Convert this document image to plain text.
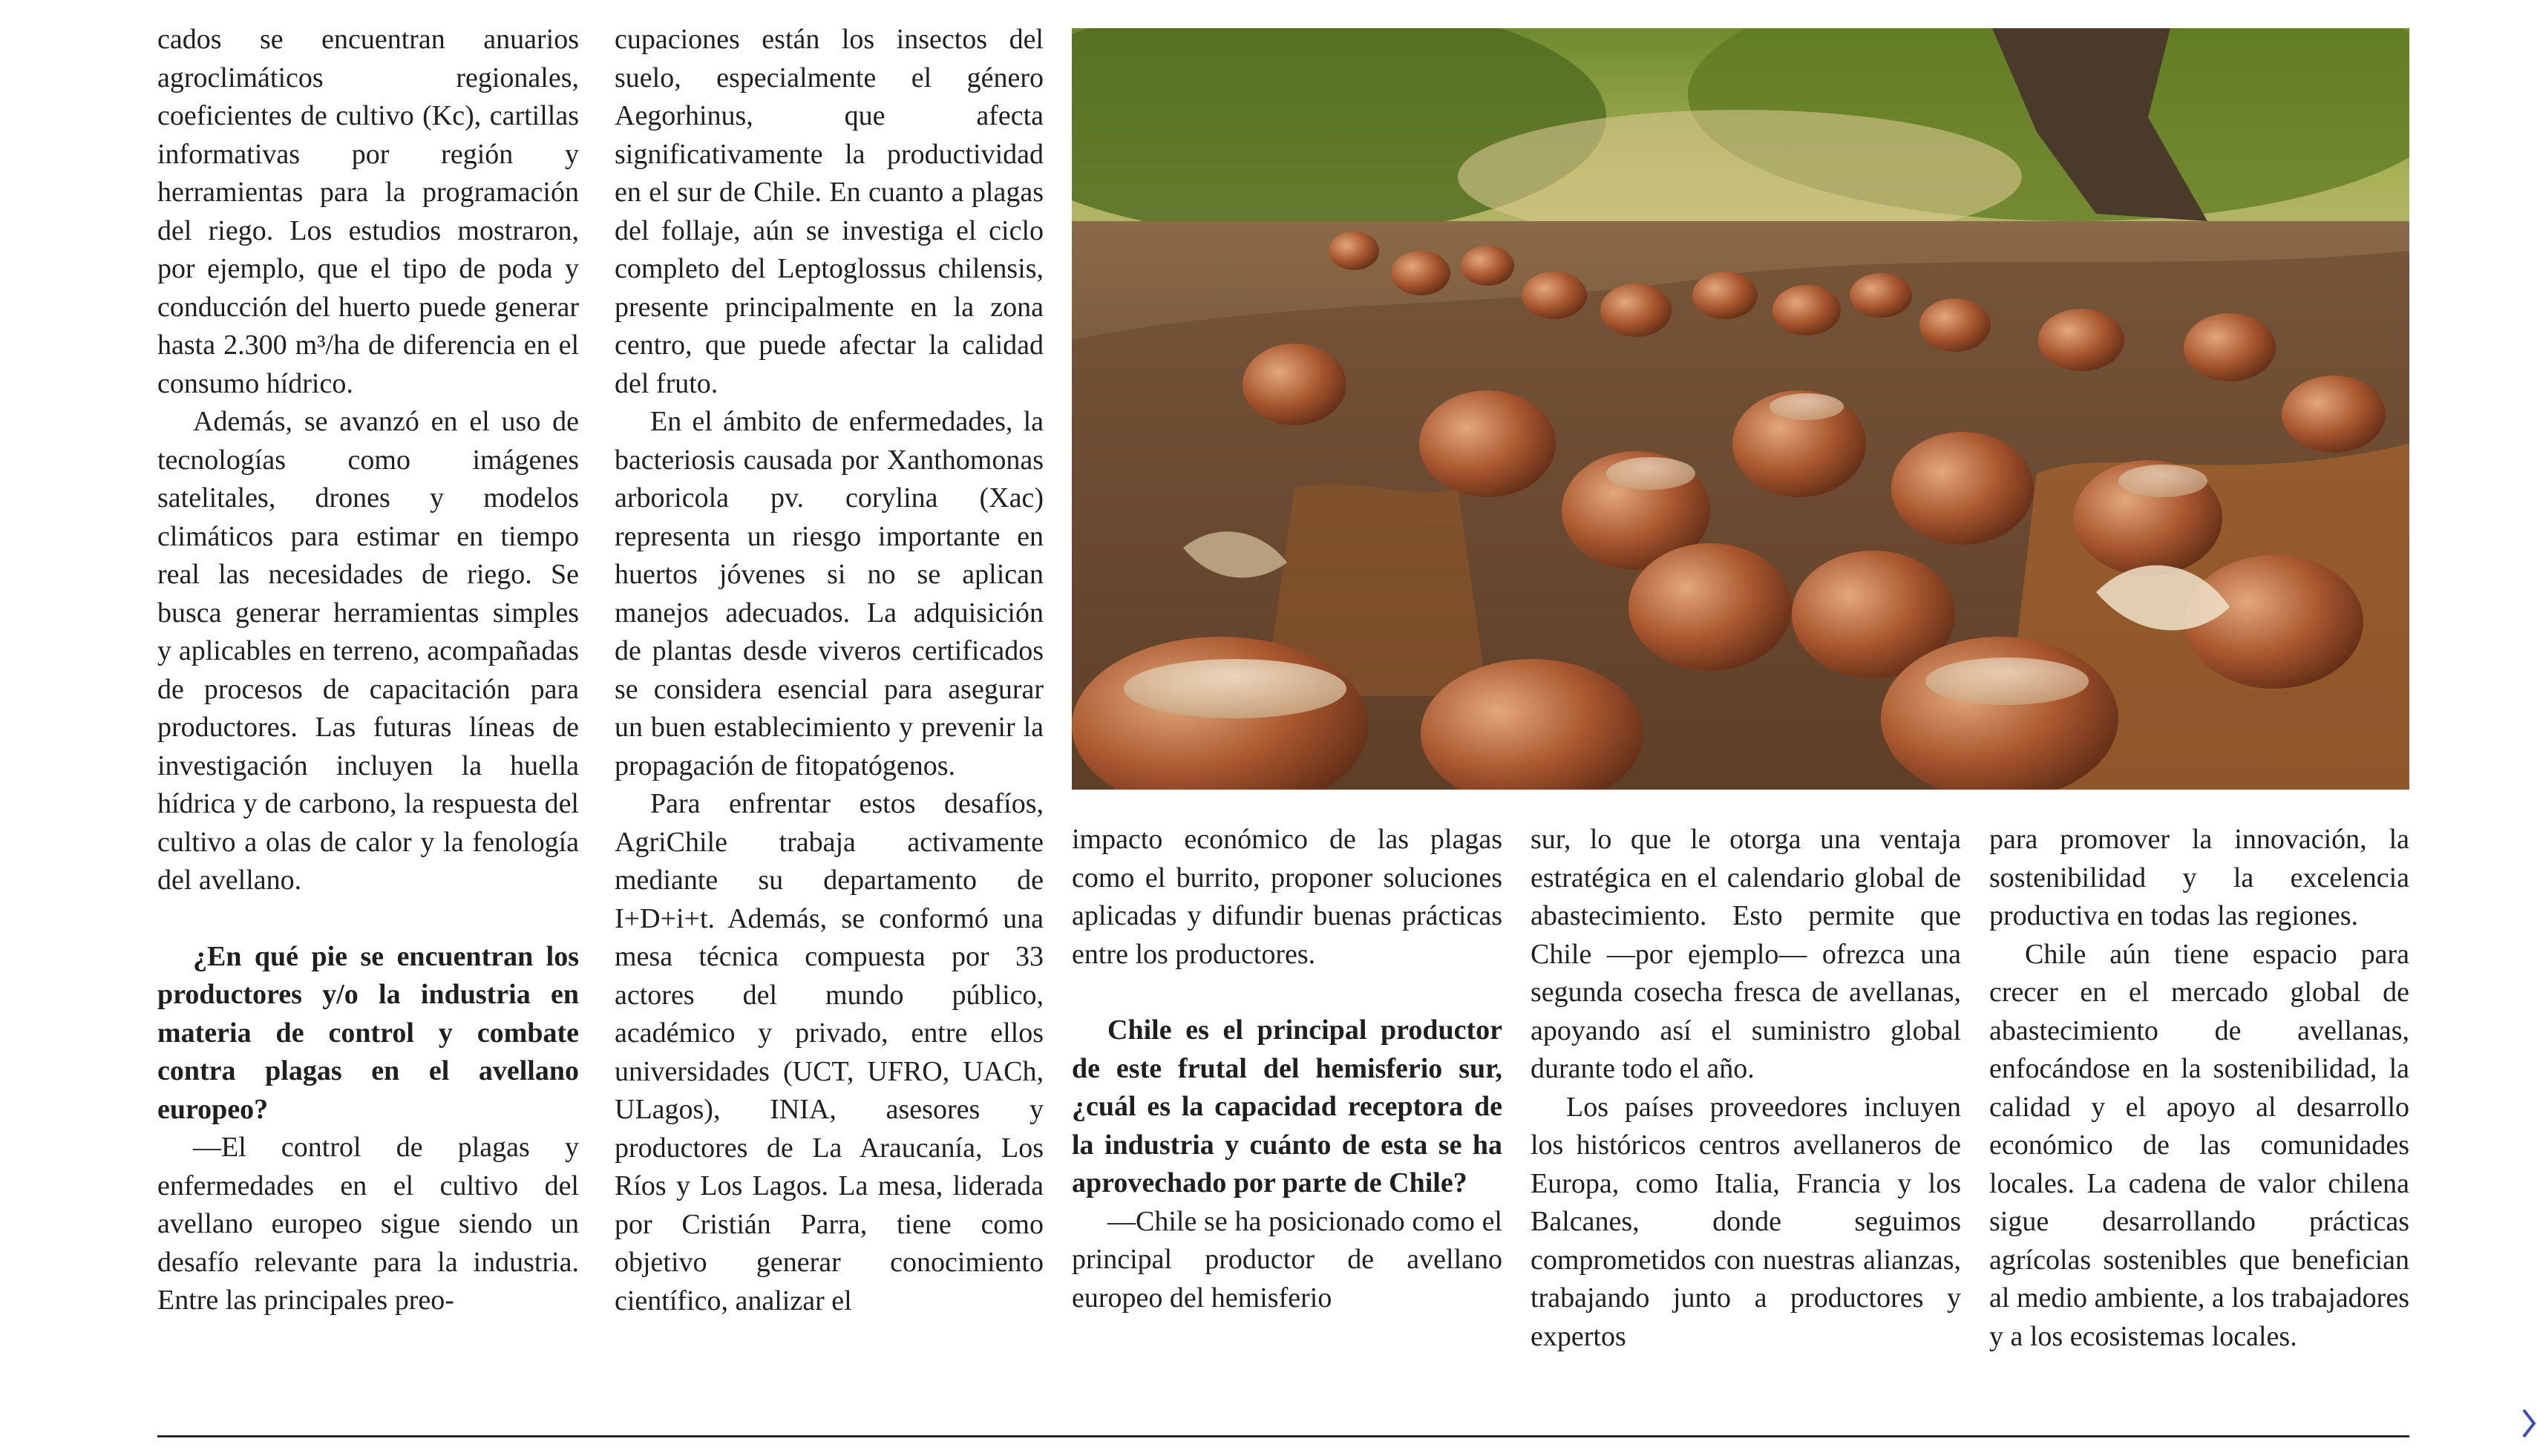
cados se encuentran anuarios agroclimáticos regionales, coeficientes de cultivo (Kc), cartillas informativas por región y herramientas para la programación del riego. Los estudios mostraron, por ejemplo, que el tipo de poda y conducción del huerto puede generar hasta 2.300 m³/ha de diferencia en el consumo hídrico.

Además, se avanzó en el uso de tecnologías como imágenes satelitales, drones y modelos climáticos para estimar en tiempo real las necesidades de riego. Se busca generar herramientas simples y aplicables en terreno, acompañadas de procesos de capacitación para productores. Las futuras líneas de investigación incluyen la huella hídrica y de carbono, la respuesta del cultivo a olas de calor y la fenología del avellano.

¿En qué pie se encuentran los productores y/o la industria en materia de control y combate contra plagas en el avellano europeo?

—El control de plagas y enfermedades en el cultivo del avellano europeo sigue siendo un desafío relevante para la industria. Entre las principales preo-

cupaciones están los insectos del suelo, especialmente el género Aegorhinus, que afecta significativamente la productividad en el sur de Chile. En cuanto a plagas del follaje, aún se investiga el ciclo completo del Leptoglossus chilensis, presente principalmente en la zona centro, que puede afectar la calidad del fruto.

En el ámbito de enfermedades, la bacteriosis causada por Xanthomonas arboricola pv. corylina (Xac) representa un riesgo importante en huertos jóvenes si no se aplican manejos adecuados. La adquisición de plantas desde viveros certificados se considera esencial para asegurar un buen establecimiento y prevenir la propagación de fitopatógenos.

Para enfrentar estos desafíos, AgriChile trabaja activamente mediante su departamento de I+D+i+t. Además, se conformó una mesa técnica compuesta por 33 actores del mundo público, académico y privado, entre ellos universidades (UCT, UFRO, UACh, ULagos), INIA, asesores y productores de La Araucanía, Los Ríos y Los Lagos. La mesa, liderada por Cristián Parra, tiene como objetivo generar conocimiento científico, analizar el

impacto económico de las plagas como el burrito, proponer soluciones aplicadas y difundir buenas prácticas entre los productores.

Chile es el principal productor de este frutal del hemisferio sur, ¿cuál es la capacidad receptora de la industria y cuánto de esta se ha aprovechado por parte de Chile?

—Chile se ha posicionado como el principal productor de avellano europeo del hemisferio

sur, lo que le otorga una ventaja estratégica en el calendario global de abastecimiento. Esto permite que Chile —por ejemplo— ofrezca una segunda cosecha fresca de avellanas, apoyando así el suministro global durante todo el año.

Los países proveedores incluyen los históricos centros avellaneros de Europa, como Italia, Francia y los Balcanes, donde seguimos comprometidos con nuestras alianzas, trabajando junto a productores y expertos

para promover la innovación, la sostenibilidad y la excelencia productiva en todas las regiones.

Chile aún tiene espacio para crecer en el mercado global de abastecimiento de avellanas, enfocándose en la sostenibilidad, la calidad y el apoyo al desarrollo económico de las comunidades locales. La cadena de valor chilena sigue desarrollando prácticas agrícolas sostenibles que benefician al medio ambiente, a los trabajadores y a los ecosistemas locales.
